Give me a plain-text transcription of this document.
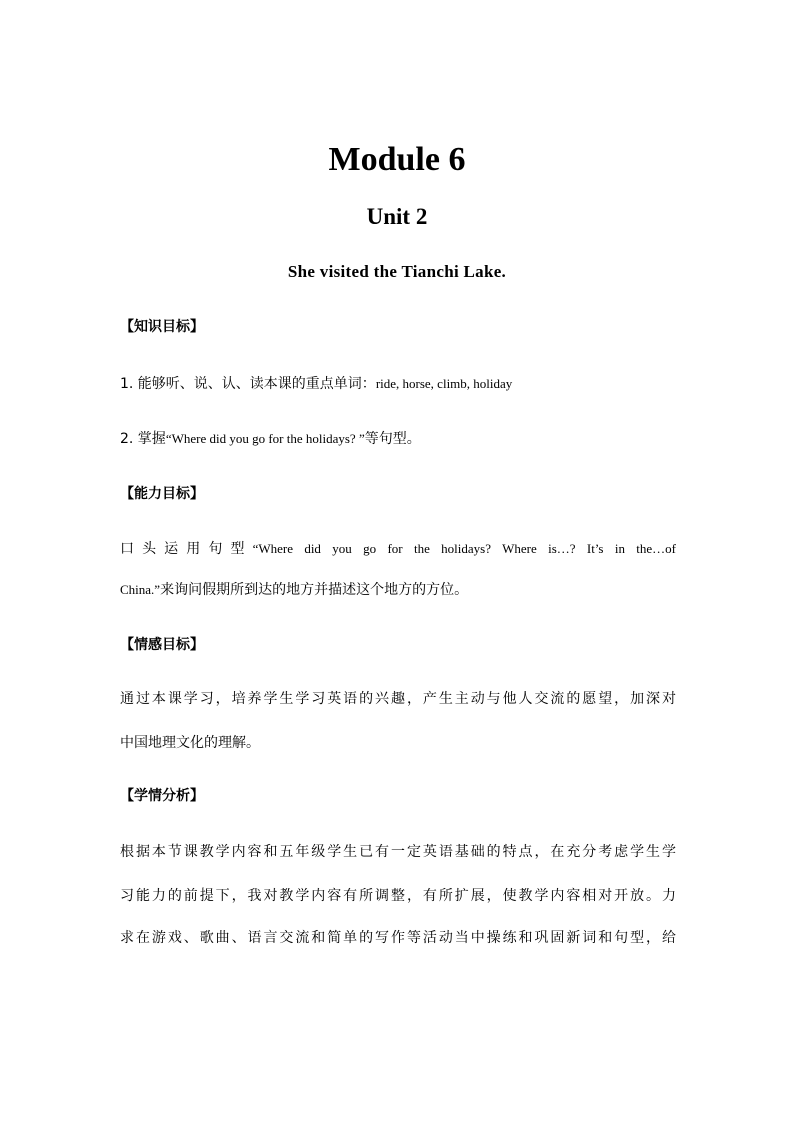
Module 6
Unit 2
She visited the Tianchi Lake.
【知识目标】
1. 能够听、说、认、读本课的重点单词：ride, horse, climb, holiday
2. 掌握“Where did you go for the holidays? ”等句型。
【能力目标】
口头运用句型“Where did you go for the holidays? Where is…? It’s in the…of
China.”来询问假期所到达的地方并描述这个地方的方位。
【情感目标】
通过本课学习，培养学生学习英语的兴趣，产生主动与他人交流的愿望，加深对
中国地理文化的理解。
【学情分析】
根据本节课教学内容和五年级学生已有一定英语基础的特点，在充分考虑学生学
习能力的前提下，我对教学内容有所调整，有所扩展，使教学内容相对开放。力
求在游戏、歌曲、语言交流和简单的写作等活动当中操练和巩固新词和句型，给
